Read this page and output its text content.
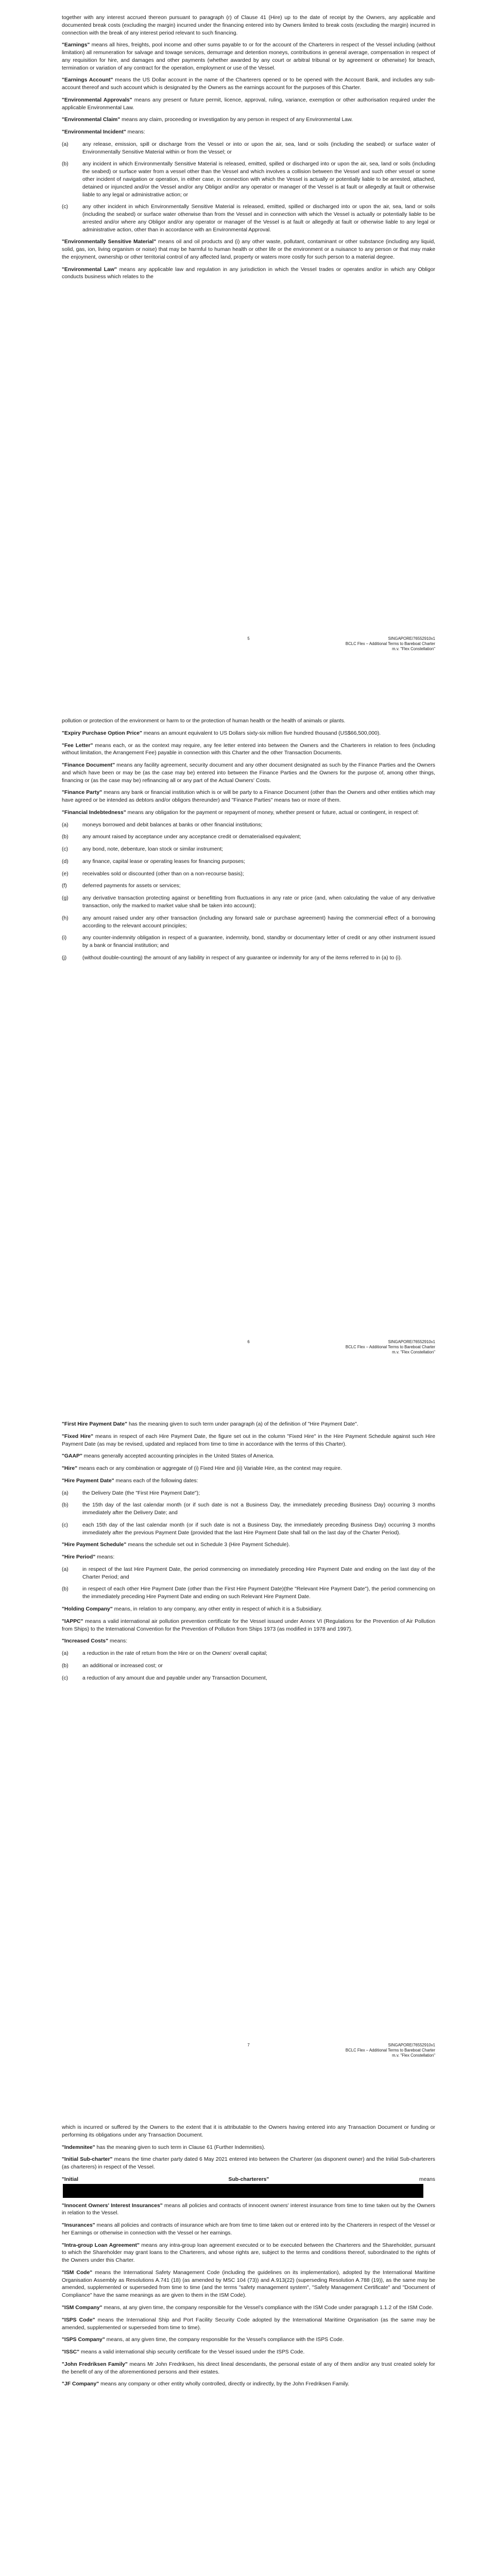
together with any interest accrued thereon pursuant to paragraph (r) of Clause 41 (Hire) up to the date of receipt by the Owners, any applicable and documented break costs (excluding the margin) incurred under the financing entered into by Owners limited to break costs (excluding the margin) incurred in connection with the break of any interest period relevant to such financing.

"Earnings" means all hires, freights, pool income and other sums payable to or for the account of the Charterers in respect of the Vessel including (without limitation) all remuneration for salvage and towage services, demurrage and detention moneys, contributions in general average, compensation in respect of any requisition for hire, and damages and other payments (whether awarded by any court or arbitral tribunal or by agreement or otherwise) for breach, termination or variation of any contract for the operation, employment or use of the Vessel.

"Earnings Account" means the US Dollar account in the name of the Charterers opened or to be opened with the Account Bank, and includes any sub-account thereof and such account which is designated by the Owners as the earnings account for the purposes of this Charter.

"Environmental Approvals" means any present or future permit, licence, approval, ruling, variance, exemption or other authorisation required under the applicable Environmental Law.

"Environmental Claim" means any claim, proceeding or investigation by any person in respect of any Environmental Law.

"Environmental Incident" means:

(a)	any release, emission, spill or discharge from the Vessel or into or upon the air, sea, land or soils (including the seabed) or surface water of Environmentally Sensitive Material within or from the Vessel; or
(b)	any incident in which Environmentally Sensitive Material is released, emitted, spilled or discharged into or upon the air, sea, land or soils (including the seabed) or surface water from a vessel other than the Vessel and which involves a collision between the Vessel and such other vessel or some other incident of navigation or operation, in either case, in connection with which the Vessel is actually or potentially liable to be arrested, attached, detained or injuncted and/or the Vessel and/or any Obligor and/or any operator or manager of the Vessel is at fault or allegedly at fault or otherwise liable to any legal or administrative action; or
(c)	any other incident in which Environmentally Sensitive Material is released, emitted, spilled or discharged into or upon the air, sea, land or soils (including the seabed) or surface water otherwise than from the Vessel and in connection with which the Vessel is actually or potentially liable to be arrested and/or where any Obligor and/or any operator or manager of the Vessel is at fault or allegedly at fault or otherwise liable to any legal or administrative action, other than in accordance with an Environmental Approval.

"Environmentally Sensitive Material" means oil and oil products and (i) any other waste, pollutant, contaminant or other substance (including any liquid, solid, gas, ion, living organism or noise) that may be harmful to human health or other life or the environment or a nuisance to any person or that may make the enjoyment, ownership or other territorial control of any affected land, property or waters more costly for such person to a material degree.

"Environmental Law" means any applicable law and regulation in any jurisdiction in which the Vessel trades or operates and/or in which any Obligor conducts business which relates to the

5	SINGAPORE/76552910v1
BCLC Flex – Additional Terms to Bareboat Charter
m.v. "Flex Constellation"

pollution or protection of the environment or harm to or the protection of human health or the health of animals or plants.

"Expiry Purchase Option Price" means an amount equivalent to US Dollars sixty-six million five hundred thousand (US$66,500,000).

"Fee Letter" means each, or as the context may require, any fee letter entered into between the Owners and the Charterers in relation to fees (including without limitation, the Arrangement Fee) payable in connection with this Charter and the other Transaction Documents.

"Finance Document" means any facility agreement, security document and any other document designated as such by the Finance Parties and the Owners and which have been or may be (as the case may be) entered into between the Finance Parties and the Owners for the purpose of, among other things, financing or (as the case may be) refinancing all or any part of the Actual Owners' Costs.

"Finance Party" means any bank or financial institution which is or will be party to a Finance Document (other than the Owners and other entities which may have agreed or be intended as debtors and/or obligors thereunder) and "Finance Parties" means two or more of them.

"Financial Indebtedness" means any obligation for the payment or repayment of money, whether present or future, actual or contingent, in respect of:

(a)	moneys borrowed and debit balances at banks or other financial institutions;
(b)	any amount raised by acceptance under any acceptance credit or dematerialised equivalent;
(c)	any bond, note, debenture, loan stock or similar instrument;
(d)	any finance, capital lease or operating leases for financing purposes;
(e)	receivables sold or discounted (other than on a non-recourse basis);
(f)	deferred payments for assets or services;
(g)	any derivative transaction protecting against or benefitting from fluctuations in any rate or price (and, when calculating the value of any derivative transaction, only the marked to market value shall be taken into account);
(h)	any amount raised under any other transaction (including any forward sale or purchase agreement) having the commercial effect of a borrowing according to the relevant account principles;
(i)	any counter-indemnity obligation in respect of a guarantee, indemnity, bond, standby or documentary letter of credit or any other instrument issued by a bank or financial institution; and
(j)	(without double-counting) the amount of any liability in respect of any guarantee or indemnity for any of the items referred to in (a) to (i).
6	SINGAPORE/76552910v1
BCLC Flex – Additional Terms to Bareboat Charter
m.v. "Flex Constellation"

"First Hire Payment Date" has the meaning given to such term under paragraph (a) of the definition of "Hire Payment Date".

"Fixed Hire" means in respect of each Hire Payment Date, the figure set out in the column "Fixed Hire" in the Hire Payment Schedule against such Hire Payment Date (as may be revised, updated and replaced from time to time in accordance with the terms of this Charter).

"GAAP" means generally accepted accounting principles in the United States of America.

"Hire" means each or any combination or aggregate of (i) Fixed Hire and (ii) Variable Hire, as the context may require.

"Hire Payment Date" means each of the following dates:

(a)	the Delivery Date (the "First Hire Payment Date");
(b)	the 15th day of the last calendar month (or if such date is not a Business Day, the immediately preceding Business Day) occurring 3 months immediately after the Delivery Date; and
(c)	each 15th day of the last calendar month (or if such date is not a Business Day, the immediately preceding Business Day) occurring 3 months immediately after the previous Payment Date (provided that the last Hire Payment Date shall fall on the last day of the Charter Period).

"Hire Payment Schedule" means the schedule set out in Schedule 3 (Hire Payment Schedule).

"Hire Period" means:

(a)	in respect of the last Hire Payment Date, the period commencing on immediately preceding Hire Payment Date and ending on the last day of the Charter Period; and
(b)	in respect of each other Hire Payment Date (other than the First Hire Payment Date)(the "Relevant Hire Payment Date"), the period commencing on the immediately preceding Hire Payment Date and ending on such Relevant Hire Payment Date.

"Holding Company" means, in relation to any company, any other entity in respect of which it is a Subsidiary.

"IAPPC" means a valid international air pollution prevention certificate for the Vessel issued under Annex VI (Regulations for the Prevention of Air Pollution from Ships) to the International Convention for the Prevention of Pollution from Ships 1973 (as modified in 1978 and 1997).

"Increased Costs" means:

(a)	a reduction in the rate of return from the Hire or on the Owners' overall capital;
(b)	an additional or increased cost; or
(c)	a reduction of any amount due and payable under any Transaction Document,
7	SINGAPORE/76552910v1
BCLC Flex – Additional Terms to Bareboat Charter
m.v. "Flex Constellation"

which is incurred or suffered by the Owners to the extent that it is attributable to the Owners having entered into any Transaction Document or funding or performing its obligations under any Transaction Document.

"Indemnitee" has the meaning given to such term in Clause 61 (Further Indemnities).

"Initial Sub-charter" means the time charter party dated 6 May 2021 entered into between the Charterer (as disponent owner) and the Initial Sub-charterers (as charterers) in respect of the Vessel.

"Initial Sub-charterers" means

"Innocent Owners' Interest Insurances" means all policies and contracts of innocent owners' interest insurance from time to time taken out by the Owners in relation to the Vessel.

"Insurances" means all policies and contracts of insurance which are from time to time taken out or entered into by the Charterers in respect of the Vessel or her Earnings or otherwise in connection with the Vessel or her earnings.

"Intra-group Loan Agreement" means any intra-group loan agreement executed or to be executed between the Charterers and the Shareholder, pursuant to which the Shareholder may grant loans to the Charterers, and whose rights are, subject to the terms and conditions thereof, subordinated to the rights of the Owners under this Charter.

"ISM Code" means the International Safety Management Code (including the guidelines on its implementation), adopted by the International Maritime Organisation Assembly as Resolutions A.741 (18) (as amended by MSC 104 (73)) and A.913(22) (superseding Resolution A.788 (19)), as the same may be amended, supplemented or superseded from time to time (and the terms "safety management system", "Safety Management Certificate" and "Document of Compliance" have the same meanings as are given to them in the ISM Code).

"ISM Company" means, at any given time, the company responsible for the Vessel's compliance with the ISM Code under paragraph 1.1.2 of the ISM Code.

"ISPS Code" means the International Ship and Port Facility Security Code adopted by the International Maritime Organisation (as the same may be amended, supplemented or superseded from time to time).

"ISPS Company" means, at any given time, the company responsible for the Vessel's compliance with the ISPS Code.

"ISSC" means a valid international ship security certificate for the Vessel issued under the ISPS Code.

"John Fredriksen Family" means Mr John Fredriksen, his direct lineal descendants, the personal estate of any of them and/or any trust created solely for the benefit of any of the aforementioned persons and their estates.

"JF Company" means any company or other entity wholly controlled, directly or indirectly, by the John Fredriksen Family.
